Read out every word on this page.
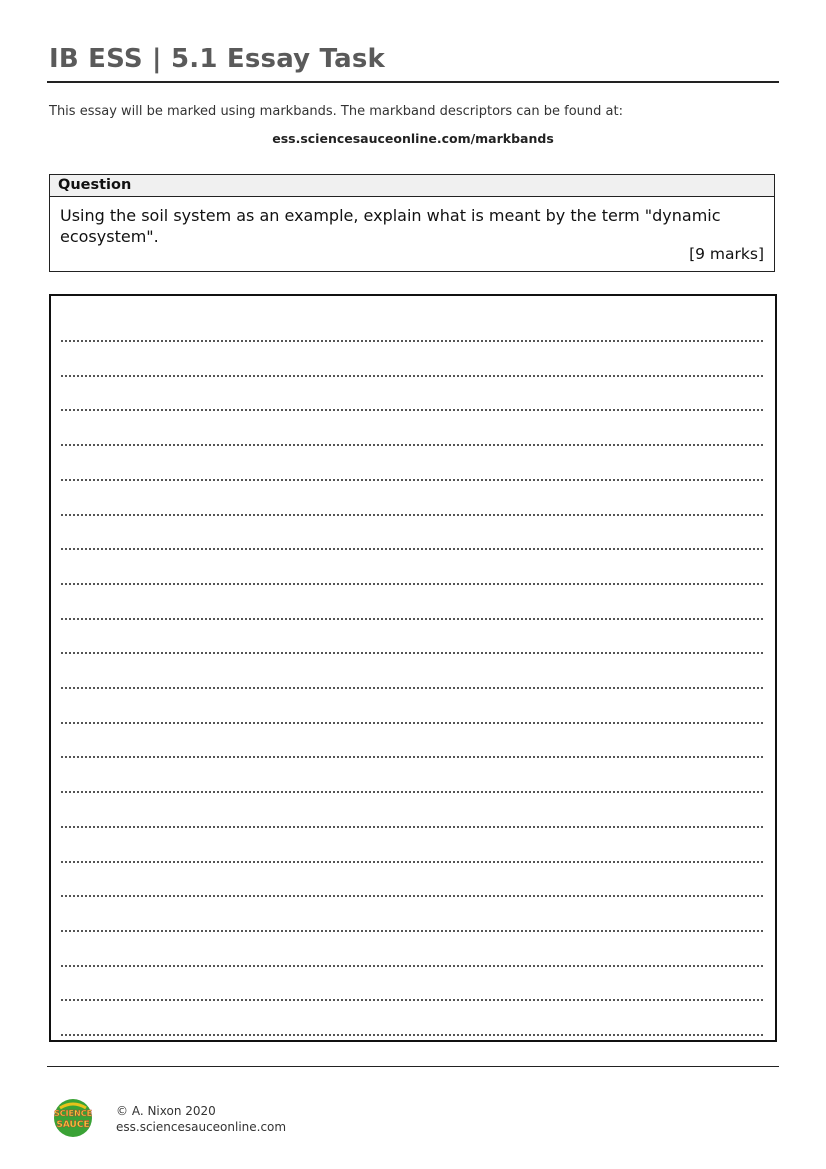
IB ESS | 5.1 Essay Task
This essay will be marked using markbands. The markband descriptors can be found at:
ess.sciencesauceonline.com/markbands
Question
Using the soil system as an example, explain what is meant by the term "dynamic ecosystem".
[9 marks]
SCIENCE
SAUCE
© A. Nixon 2020
ess.sciencesauceonline.com
